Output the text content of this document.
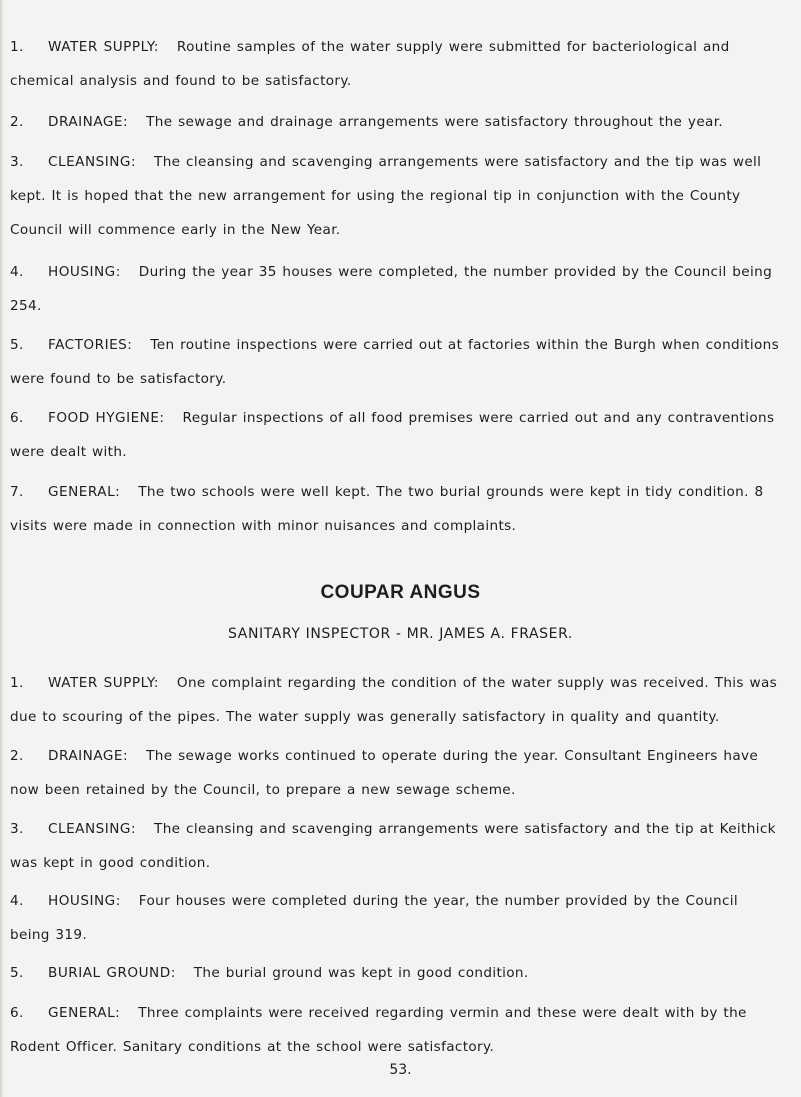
1. WATER SUPPLY: Routine samples of the water supply were submitted for bacteriological and chemical analysis and found to be satisfactory.
2. DRAINAGE: The sewage and drainage arrangements were satisfactory throughout the year.
3. CLEANSING: The cleansing and scavenging arrangements were satisfactory and the tip was well kept. It is hoped that the new arrangement for using the regional tip in conjunction with the County Council will commence early in the New Year.
4. HOUSING: During the year 35 houses were completed, the number provided by the Council being 254.
5. FACTORIES: Ten routine inspections were carried out at factories within the Burgh when conditions were found to be satisfactory.
6. FOOD HYGIENE: Regular inspections of all food premises were carried out and any contraventions were dealt with.
7. GENERAL: The two schools were well kept. The two burial grounds were kept in tidy condition. 8 visits were made in connection with minor nuisances and complaints.
COUPAR ANGUS
SANITARY INSPECTOR - MR. JAMES A. FRASER.
1. WATER SUPPLY: One complaint regarding the condition of the water supply was received. This was due to scouring of the pipes. The water supply was generally satisfactory in quality and quantity.
2. DRAINAGE: The sewage works continued to operate during the year. Consultant Engineers have now been retained by the Council, to prepare a new sewage scheme.
3. CLEANSING: The cleansing and scavenging arrangements were satisfactory and the tip at Keithick was kept in good condition.
4. HOUSING: Four houses were completed during the year, the number provided by the Council being 319.
5. BURIAL GROUND: The burial ground was kept in good condition.
6. GENERAL: Three complaints were received regarding vermin and these were dealt with by the Rodent Officer. Sanitary conditions at the school were satisfactory.
53.
